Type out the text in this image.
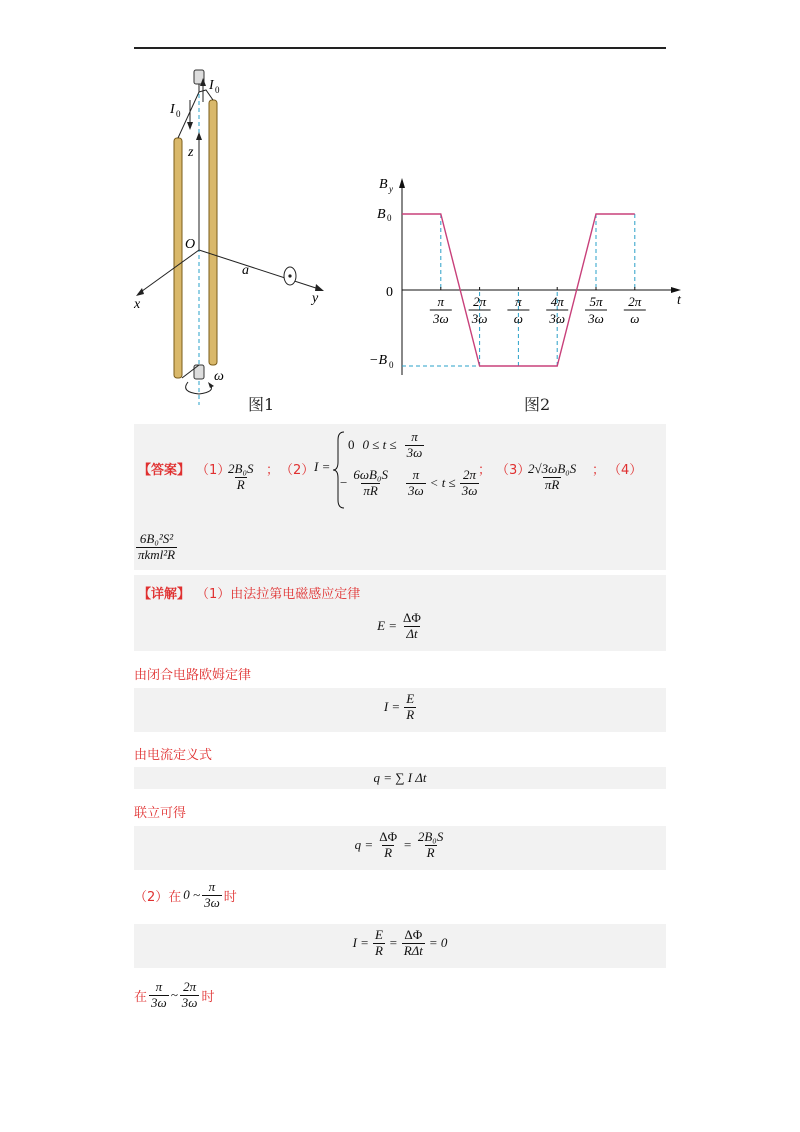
I 0
I 0
z
O
x
a
y
ω
图1
B y
B 0
0
−B 0
t
π
3ω
2π
3ω
π
ω
4π
3ω
5π
3ω
2π
ω
图2
【答案】 （1）
$\frac{\text{2B₀S}}{R}$ ； （2） I =
0 $0 \le t \le \frac{\pi}{3\omega}$
− $\frac{\text{6ωB₀S}}{\pi R} \frac{\pi}{3\omega} < t \le \frac{2\pi}{3\omega}$
； （3）
$\frac{\text{2√3ωB₀S}}{\pi R}$ ； （4）
$\frac{\text{6B₀²S²}}{\text{πkml²R}}$
【详解】 （1）由法拉第电磁感应定律
$E = \frac{\Delta\Phi}{\Delta t}$
由闭合电路欧姆定律
$I = \frac{E}{R}$
由电流定义式
q = ∑ I Δt
联立可得
$q = \frac{\Delta\Phi}{R} = \frac{\text{2B₀S}}{R}$
（2）在 0 ~ $\frac{\pi}{3\omega}$ 时
$I = \frac{E}{R} = \frac{\Delta\Phi}{\text{RΔt}} = 0$
在 $\frac{\pi}{3\omega}$ ~ $\frac{2\pi}{3\omega}$ 时
